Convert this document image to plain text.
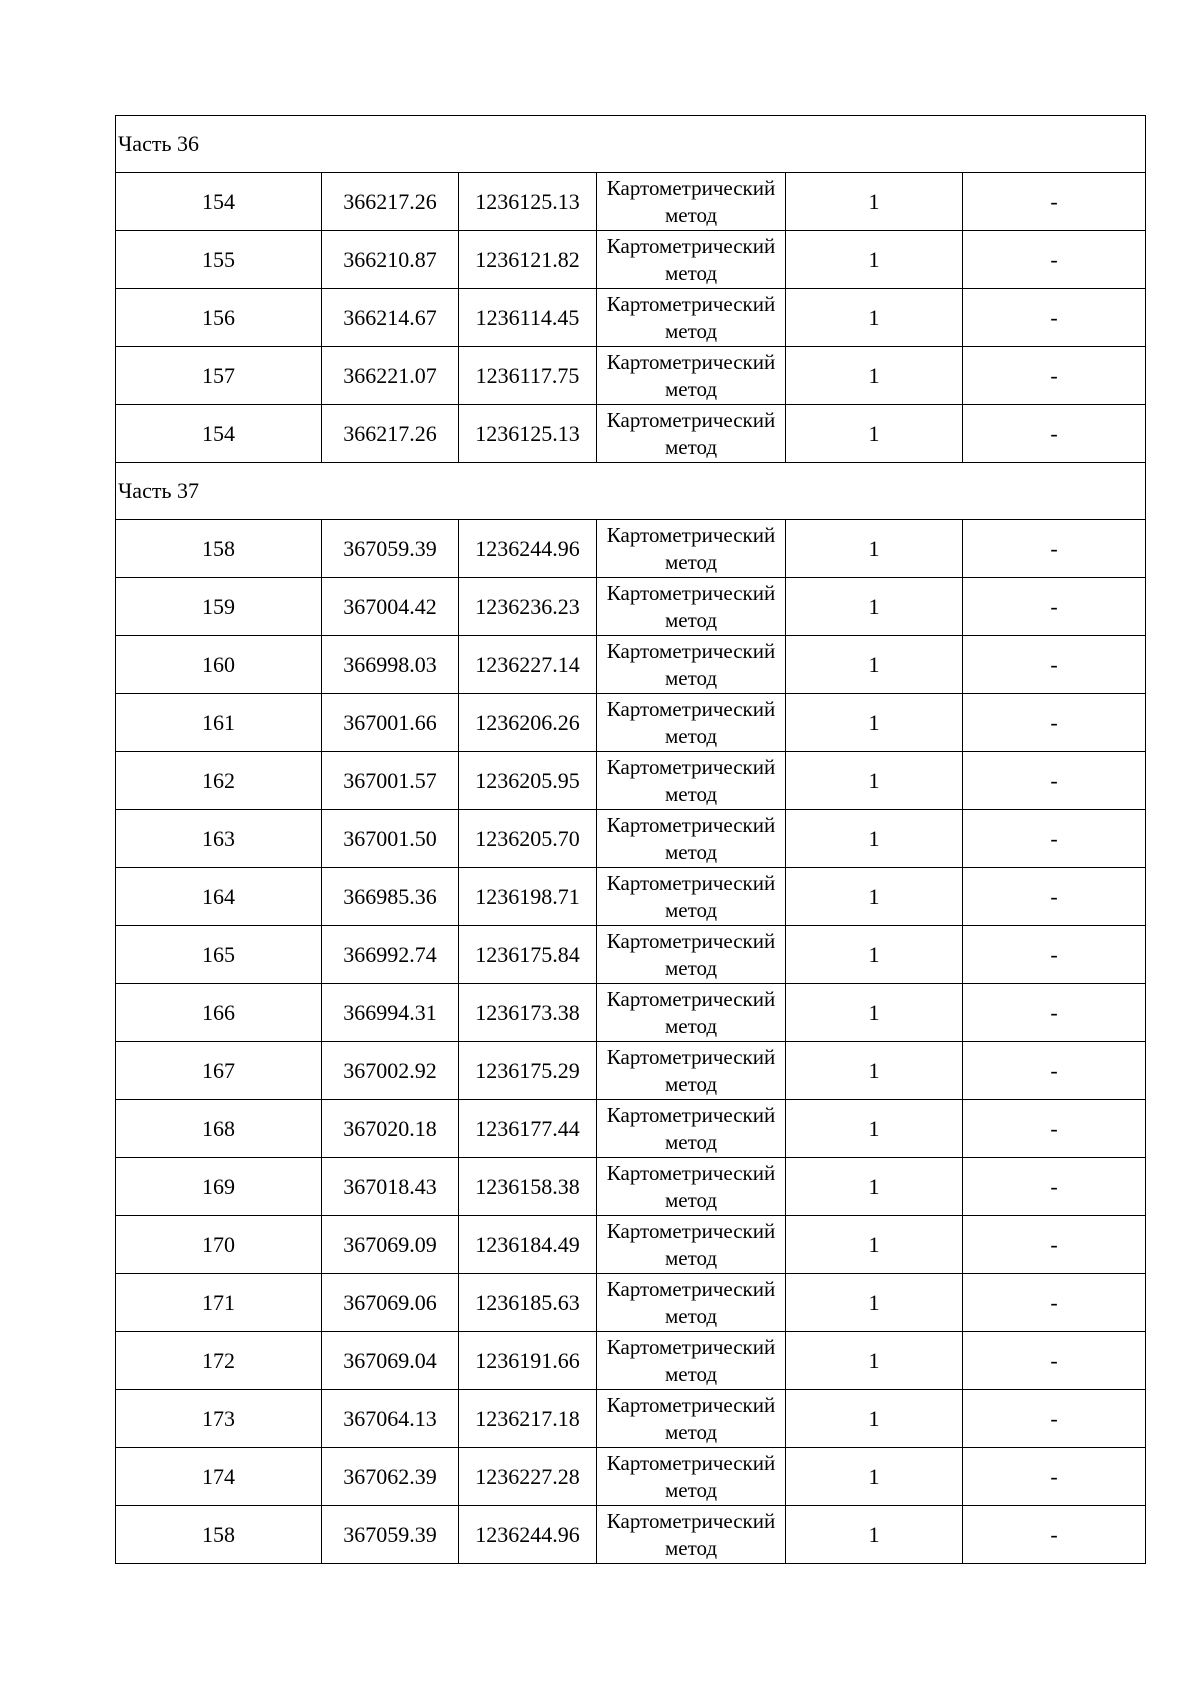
Часть 36					
154	366217.26	1236125.13	Картометрический метод	1	-
155	366210.87	1236121.82	Картометрический метод	1	-
156	366214.67	1236114.45	Картометрический метод	1	-
157	366221.07	1236117.75	Картометрический метод	1	-
154	366217.26	1236125.13	Картометрический метод	1	-
Часть 37					
158	367059.39	1236244.96	Картометрический метод	1	-
159	367004.42	1236236.23	Картометрический метод	1	-
160	366998.03	1236227.14	Картометрический метод	1	-
161	367001.66	1236206.26	Картометрический метод	1	-
162	367001.57	1236205.95	Картометрический метод	1	-
163	367001.50	1236205.70	Картометрический метод	1	-
164	366985.36	1236198.71	Картометрический метод	1	-
165	366992.74	1236175.84	Картометрический метод	1	-
166	366994.31	1236173.38	Картометрический метод	1	-
167	367002.92	1236175.29	Картометрический метод	1	-
168	367020.18	1236177.44	Картометрический метод	1	-
169	367018.43	1236158.38	Картометрический метод	1	-
170	367069.09	1236184.49	Картометрический метод	1	-
171	367069.06	1236185.63	Картометрический метод	1	-
172	367069.04	1236191.66	Картометрический метод	1	-
173	367064.13	1236217.18	Картометрический метод	1	-
174	367062.39	1236227.28	Картометрический метод	1	-
158	367059.39	1236244.96	Картометрический метод	1	-
